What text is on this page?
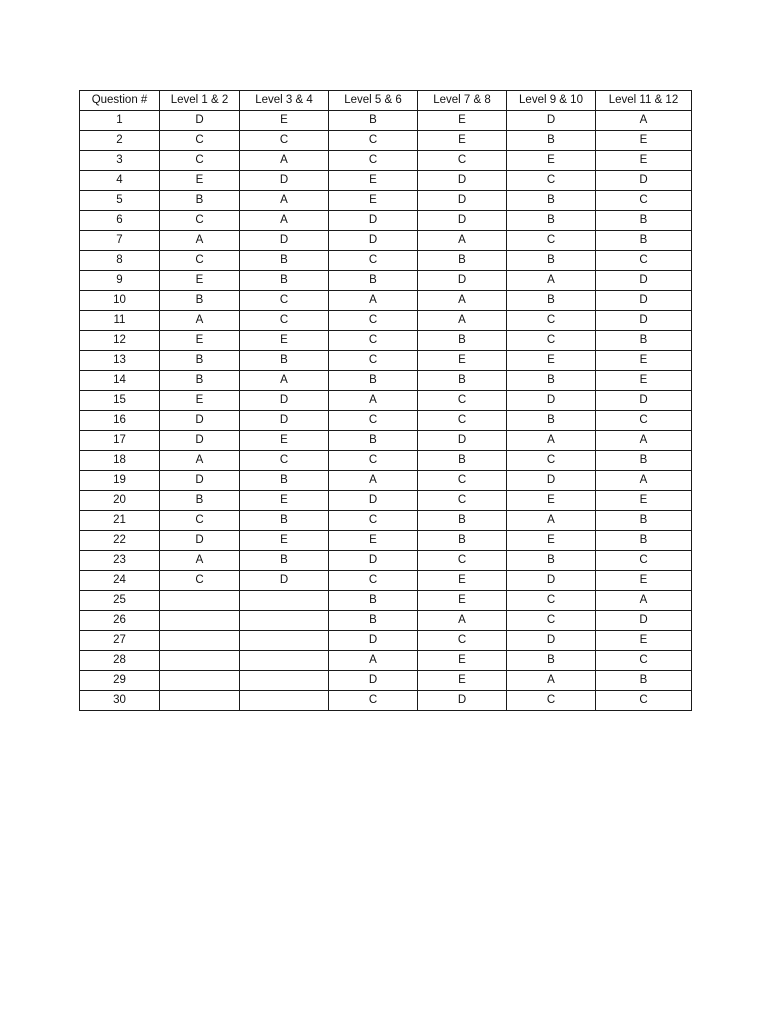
Question #	Level 1 & 2	Level 3 & 4	Level 5 & 6	Level 7 & 8	Level 9 & 10	Level 11 & 12
1	D	E	B	E	D	A
2	C	C	C	E	B	E
3	C	A	C	C	E	E
4	E	D	E	D	C	D
5	B	A	E	D	B	C
6	C	A	D	D	B	B
7	A	D	D	A	C	B
8	C	B	C	B	B	C
9	E	B	B	D	A	D
10	B	C	A	A	B	D
11	A	C	C	A	C	D
12	E	E	C	B	C	B
13	B	B	C	E	E	E
14	B	A	B	B	B	E
15	E	D	A	C	D	D
16	D	D	C	C	B	C
17	D	E	B	D	A	A
18	A	C	C	B	C	B
19	D	B	A	C	D	A
20	B	E	D	C	E	E
21	C	B	C	B	A	B
22	D	E	E	B	E	B
23	A	B	D	C	B	C
24	C	D	C	E	D	E
25			B	E	C	A
26			B	A	C	D
27			D	C	D	E
28			A	E	B	C
29			D	E	A	B
30			C	D	C	C
